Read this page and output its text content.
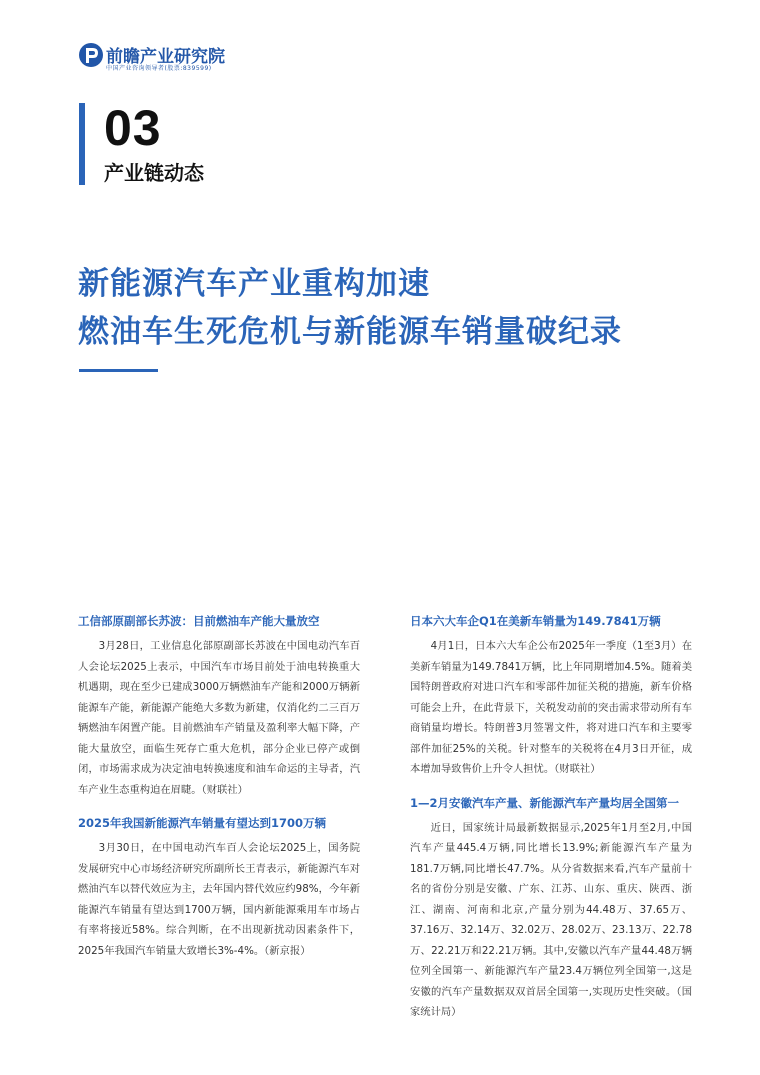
前瞻产业研究院
中国产业咨询领导者(股票:839599)
03
产业链动态
新能源汽车产业重构加速
燃油车生死危机与新能源车销量破纪录
工信部原副部长苏波：目前燃油车产能大量放空

3月28日，工业信息化部原副部长苏波在中国电动汽车百人会论坛2025上表示，中国汽车市场目前处于油电转换重大机遇期，现在至少已建成3000万辆燃油车产能和2000万辆新能源车产能，新能源产能绝大多数为新建，仅消化约二三百万辆燃油车闲置产能。目前燃油车产销量及盈利率大幅下降，产能大量放空，面临生死存亡重大危机，部分企业已停产或倒闭，市场需求成为决定油电转换速度和油车命运的主导者，汽车产业生态重构迫在眉睫。（财联社）

2025年我国新能源汽车销量有望达到1700万辆

3月30日，在中国电动汽车百人会论坛2025上，国务院发展研究中心市场经济研究所副所长王青表示，新能源汽车对燃油汽车以替代效应为主，去年国内替代效应约98%，今年新能源汽车销量有望达到1700万辆，国内新能源乘用车市场占有率将接近58%。综合判断，在不出现新扰动因素条件下，2025年我国汽车销量大致增长3%-4%。（新京报）

日本六大车企Q1在美新车销量为149.7841万辆

4月1日，日本六大车企公布2025年一季度（1至3月）在美新车销量为149.7841万辆，比上年同期增加4.5%。随着美国特朗普政府对进口汽车和零部件加征关税的措施，新车价格可能会上升，在此背景下，关税发动前的突击需求带动所有车商销量均增长。特朗普3月签署文件，将对进口汽车和主要零部件加征25%的关税。针对整车的关税将在4月3日开征，成本增加导致售价上升令人担忧。（财联社）

1—2月安徽汽车产量、新能源汽车产量均居全国第一

近日，国家统计局最新数据显示,2025年1月至2月,中国汽车产量445.4万辆,同比增长13.9%;新能源汽车产量为181.7万辆,同比增长47.7%。从分省数据来看,汽车产量前十名的省份分别是安徽、广东、江苏、山东、重庆、陕西、浙江、湖南、河南和北京,产量分别为44.48万、37.65万、37.16万、32.14万、32.02万、28.02万、23.13万、22.78万、22.21万和22.21万辆。其中,安徽以汽车产量44.48万辆位列全国第一、新能源汽车产量23.4万辆位列全国第一,这是安徽的汽车产量数据双双首居全国第一,实现历史性突破。（国家统计局）
